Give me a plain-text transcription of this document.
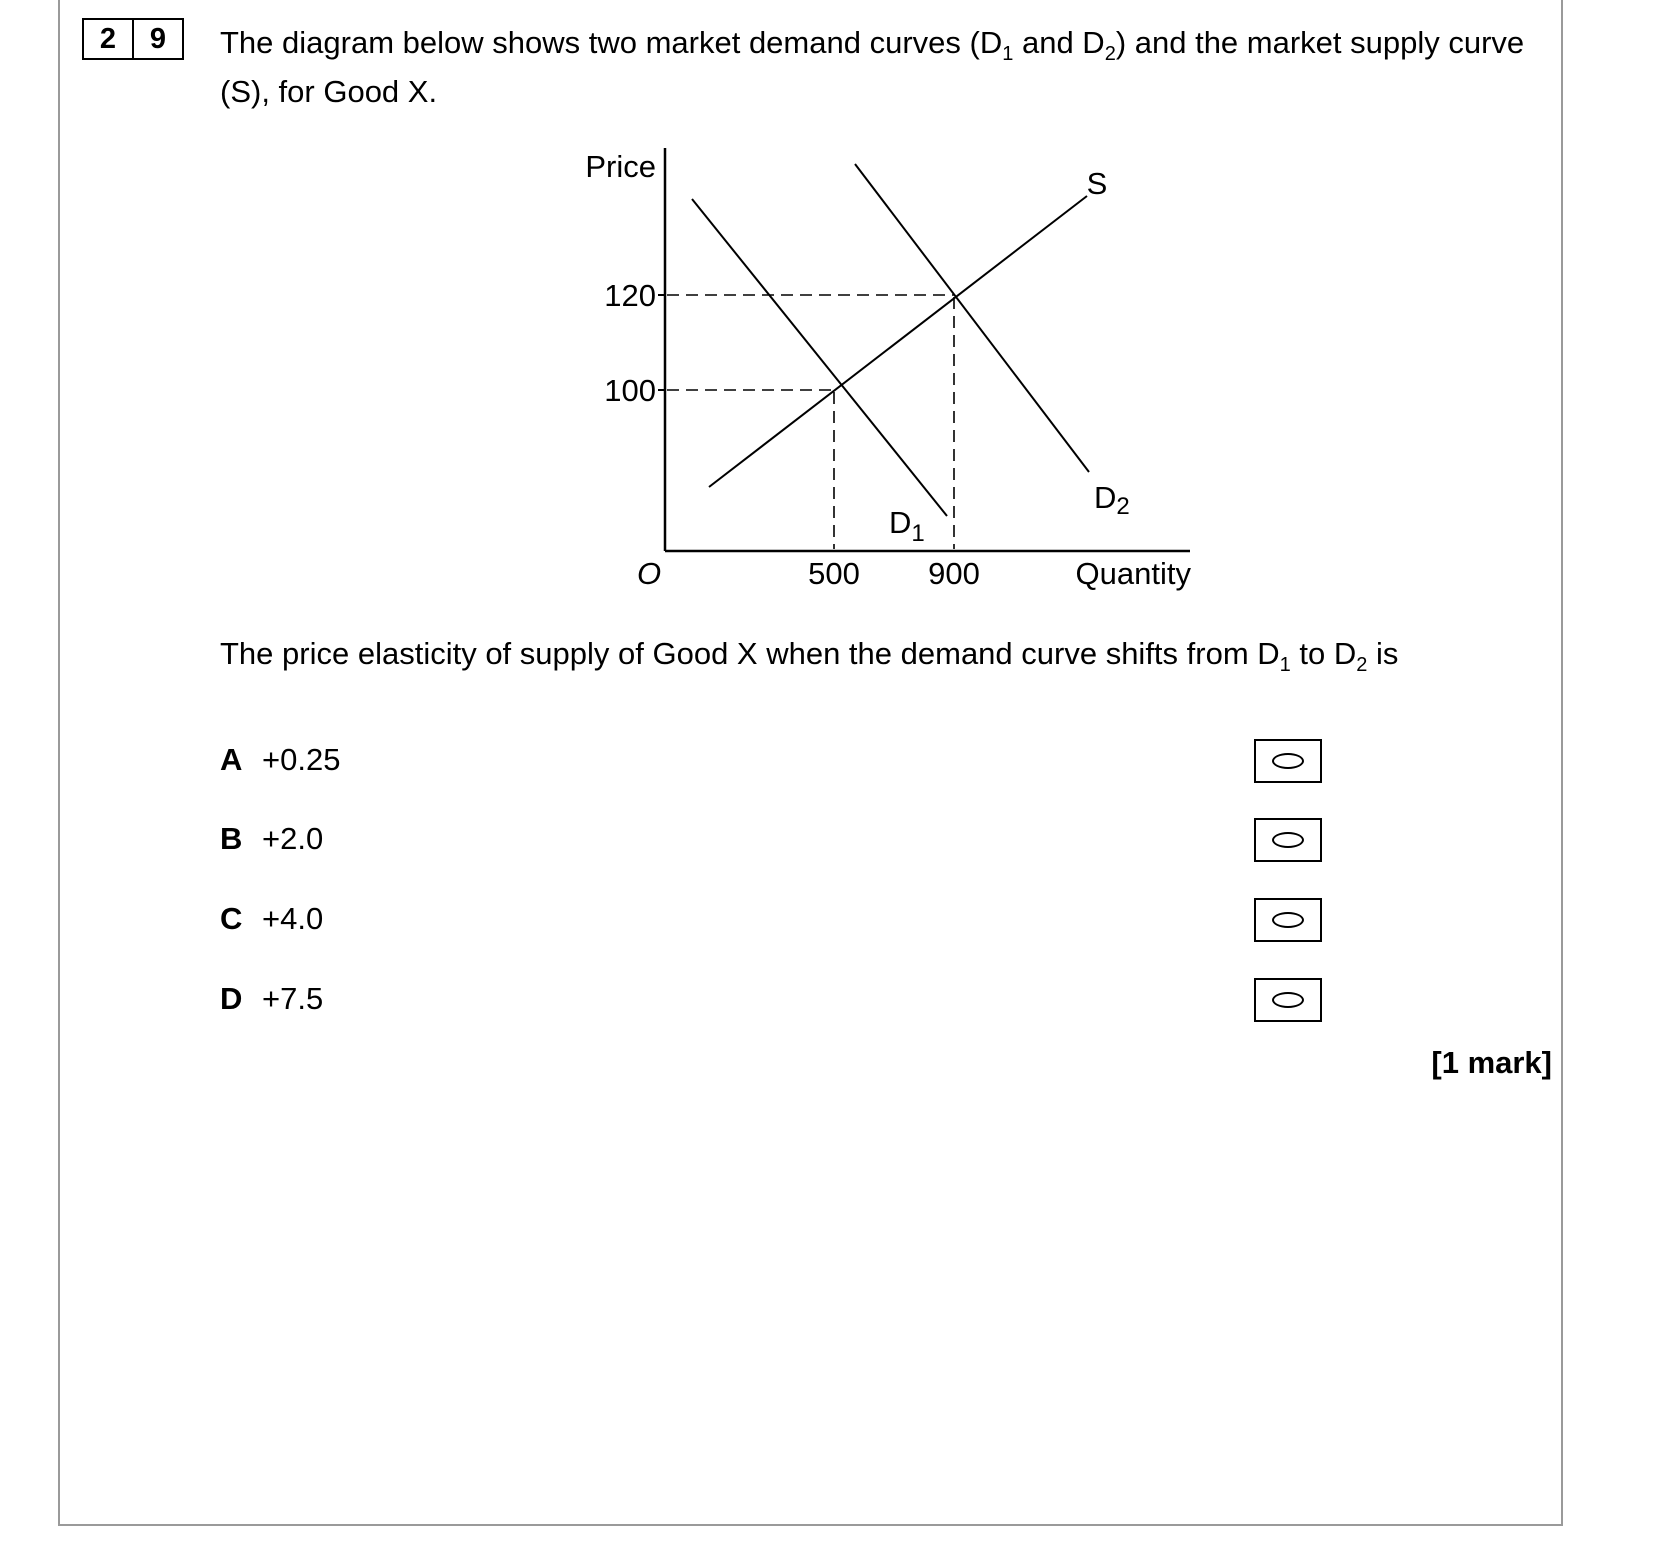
2	9	The diagram below shows two market demand curves ($D_1$ and $D_2$) and the market supply curve (S), for Good X.
Price
Quantity
O	500 900
100
120
S
$D_1$
D2
The price elasticity of supply of Good X when the demand curve shifts from $D_1$ to $D_2$ is
A +0.25
B +2.0
C +4.0
D +7.5
[1 mark]
